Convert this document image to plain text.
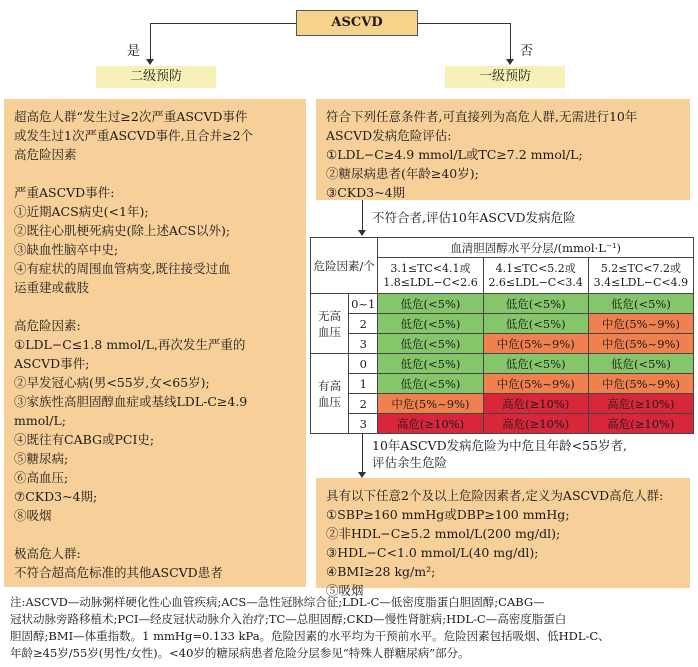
ASCVD
是	否
二级预防	一级预防
超高危人群“发生过≥2次严重ASCVD事件
或发生过1次严重ASCVD事件,且合并≥2个
高危险因素

严重ASCVD事件:
①近期ACS病史(<1年);
②既往心肌梗死病史(除上述ACS以外);
③缺血性脑卒中史;
④有症状的周围血管病变,既往接受过血
运重建或截肢

高危险因素:
①LDL−C≤1.8 mmol/L,再次发生严重的
ASCVD事件;
②早发冠心病(男<55岁,女<65岁);
③家族性高胆固醇血症或基线LDL-C≥4.9
mmol/L;
④既往有CABG或PCI史;
⑤糖尿病;
⑥高血压;
⑦CKD3~4期;
⑧吸烟

极高危人群:
不符合超高危标准的其他ASCVD患者
符合下列任意条件者,可直接列为高危人群,无需进行10年
ASCVD发病危险评估:
①LDL−C≥4.9 mmol/L或TC≥7.2 mmol/L;
②糖尿病患者(年龄≥40岁);
③CKD3~4期
不符合者,评估10年ASCVD发病危险
危险因素/个		血清胆固醇水平分层/(mmol·L⁻¹)		
		3.1≤TC<4.1或 1.8≤LDL−C<2.6	4.1≤TC<5.2或 2.6≤LDL−C<3.4	5.2≤TC<7.2或 3.4≤LDL−C<4.9
无高血压	0~1	低危(<5%)	低危(<5%)	低危(<5%)
	2	低危(<5%)	低危(<5%)	中危(5%~9%)
	3	低危(<5%)	中危(5%~9%)	中危(5%~9%)
有高血压	0	低危(<5%)	低危(<5%)	低危(<5%)
	1	低危(<5%)	中危(5%~9%)	中危(5%~9%)
	2	中危(5%~9%)	高危(≥10%)	高危(≥10%)
	3	高危(≥10%)	高危(≥10%)	高危(≥10%)
10年ASCVD发病危险为中危且年龄<55岁者,
评估余生危险
具有以下任意2个及以上危险因素者,定义为ASCVD高危人群:
①SBP≥160 mmHg或DBP≥100 mmHg;
②非HDL−C≥5.2 mmol/L(200 mg/dl);
③HDL−C<1.0 mmol/L(40 mg/dl);
④BMI≥28 kg/m²;
⑤吸烟
注:ASCVD—动脉粥样硬化性心血管疾病;ACS—急性冠脉综合征;LDL-C—低密度脂蛋白胆固醇;CABG—
冠状动脉旁路移植术;PCI—经皮冠状动脉介入治疗;TC—总胆固醇;CKD—慢性肾脏病;HDL-C—高密度脂蛋白
胆固醇;BMI—体重指数。1 mmHg=0.133 kPa。危险因素的水平均为干预前水平。危险因素包括吸烟、低HDL-C、
年龄≥45岁/55岁(男性/女性)。<40岁的糖尿病患者危险分层参见“特殊人群糖尿病”部分。
